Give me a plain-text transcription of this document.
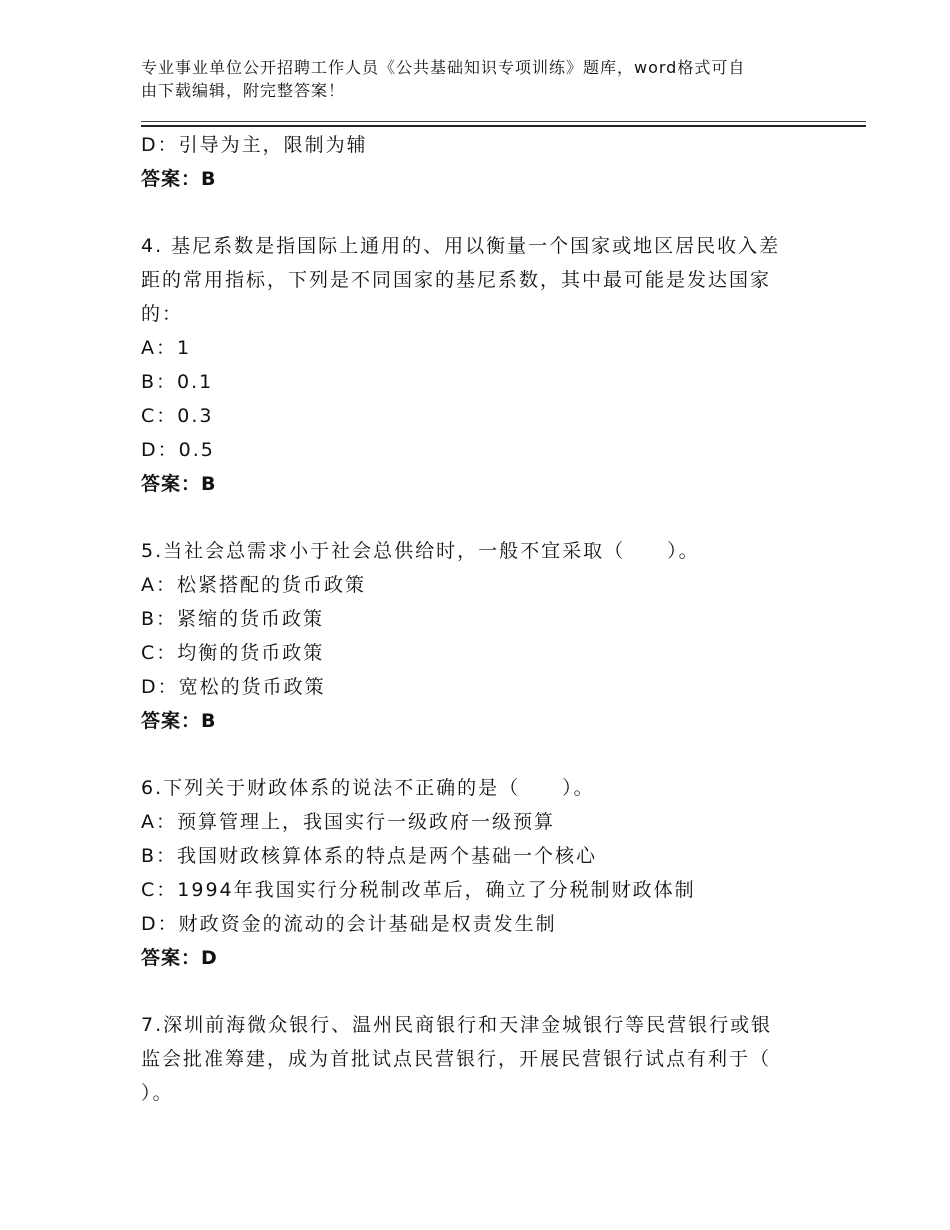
专业事业单位公开招聘工作人员《公共基础知识专项训练》题库，word格式可自
由下载编辑，附完整答案！
D：引导为主，限制为辅
答案：B
4. 基尼系数是指国际上通用的、用以衡量一个国家或地区居民收入差
距的常用指标，下列是不同国家的基尼系数，其中最可能是发达国家
的：
A：1
B：0.1
C：0.3
D：0.5
答案：B
5.当社会总需求小于社会总供给时，一般不宜采取（　　）。
A：松紧搭配的货币政策
B：紧缩的货币政策
C：均衡的货币政策
D：宽松的货币政策
答案：B
6.下列关于财政体系的说法不正确的是（　　）。
A：预算管理上，我国实行一级政府一级预算
B：我国财政核算体系的特点是两个基础一个核心
C：1994年我国实行分税制改革后，确立了分税制财政体制
D：财政资金的流动的会计基础是权责发生制
答案：D
7.深圳前海微众银行、温州民商银行和天津金城银行等民营银行或银
监会批准筹建，成为首批试点民营银行，开展民营银行试点有利于（
）。
